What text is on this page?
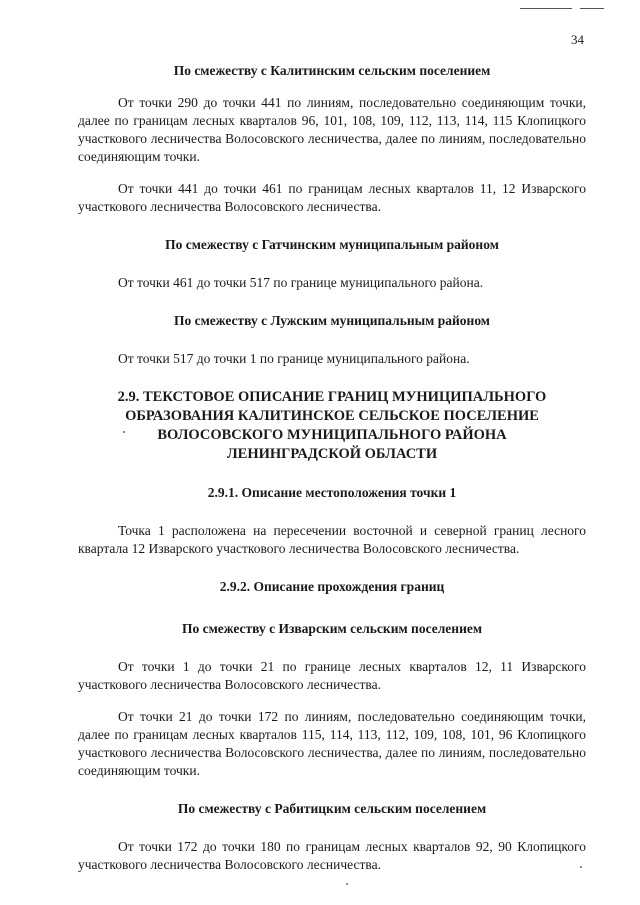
34

По смежеству с Калитинским сельским поселением

От точки 290 до точки 441 по линиям, последовательно соединяющим точки, далее по границам лесных кварталов 96, 101, 108, 109, 112, 113, 114, 115 Клопицкого участкового лесничества Волосовского лесничества, далее по линиям, последовательно соединяющим точки.

От точки 441 до точки 461 по границам лесных кварталов 11, 12 Изварского участкового лесничества Волосовского лесничества.

По смежеству с Гатчинским муниципальным районом

От точки 461 до точки 517 по границе муниципального района.

По смежеству с Лужским муниципальным районом

От точки 517 до точки 1 по границе муниципального района.

2.9. ТЕКСТОВОЕ ОПИСАНИЕ ГРАНИЦ МУНИЦИПАЛЬНОГО

ОБРАЗОВАНИЯ КАЛИТИНСКОЕ СЕЛЬСКОЕ ПОСЕЛЕНИЕ

ВОЛОСОВСКОГО МУНИЦИПАЛЬНОГО РАЙОНА

ЛЕНИНГРАДСКОЙ ОБЛАСТИ

2.9.1. Описание местоположения точки 1

Точка 1 расположена на пересечении восточной и северной границ лесного квартала 12 Изварского участкового лесничества Волосовского лесничества.

2.9.2. Описание прохождения границ

По смежеству с Изварским сельским поселением

От точки 1 до точки 21 по границе лесных кварталов 12, 11 Изварского участкового лесничества Волосовского лесничества.

От точки 21 до точки 172 по линиям, последовательно соединяющим точки, далее по границам лесных кварталов 115, 114, 113, 112, 109, 108, 101, 96 Клопицкого участкового лесничества Волосовского лесничества, далее по линиям, последовательно соединяющим точки.

По смежеству с Рабитицким сельским поселением

От точки 172 до точки 180 по границам лесных кварталов 92, 90 Клопицкого участкового лесничества Волосовского лесничества.
